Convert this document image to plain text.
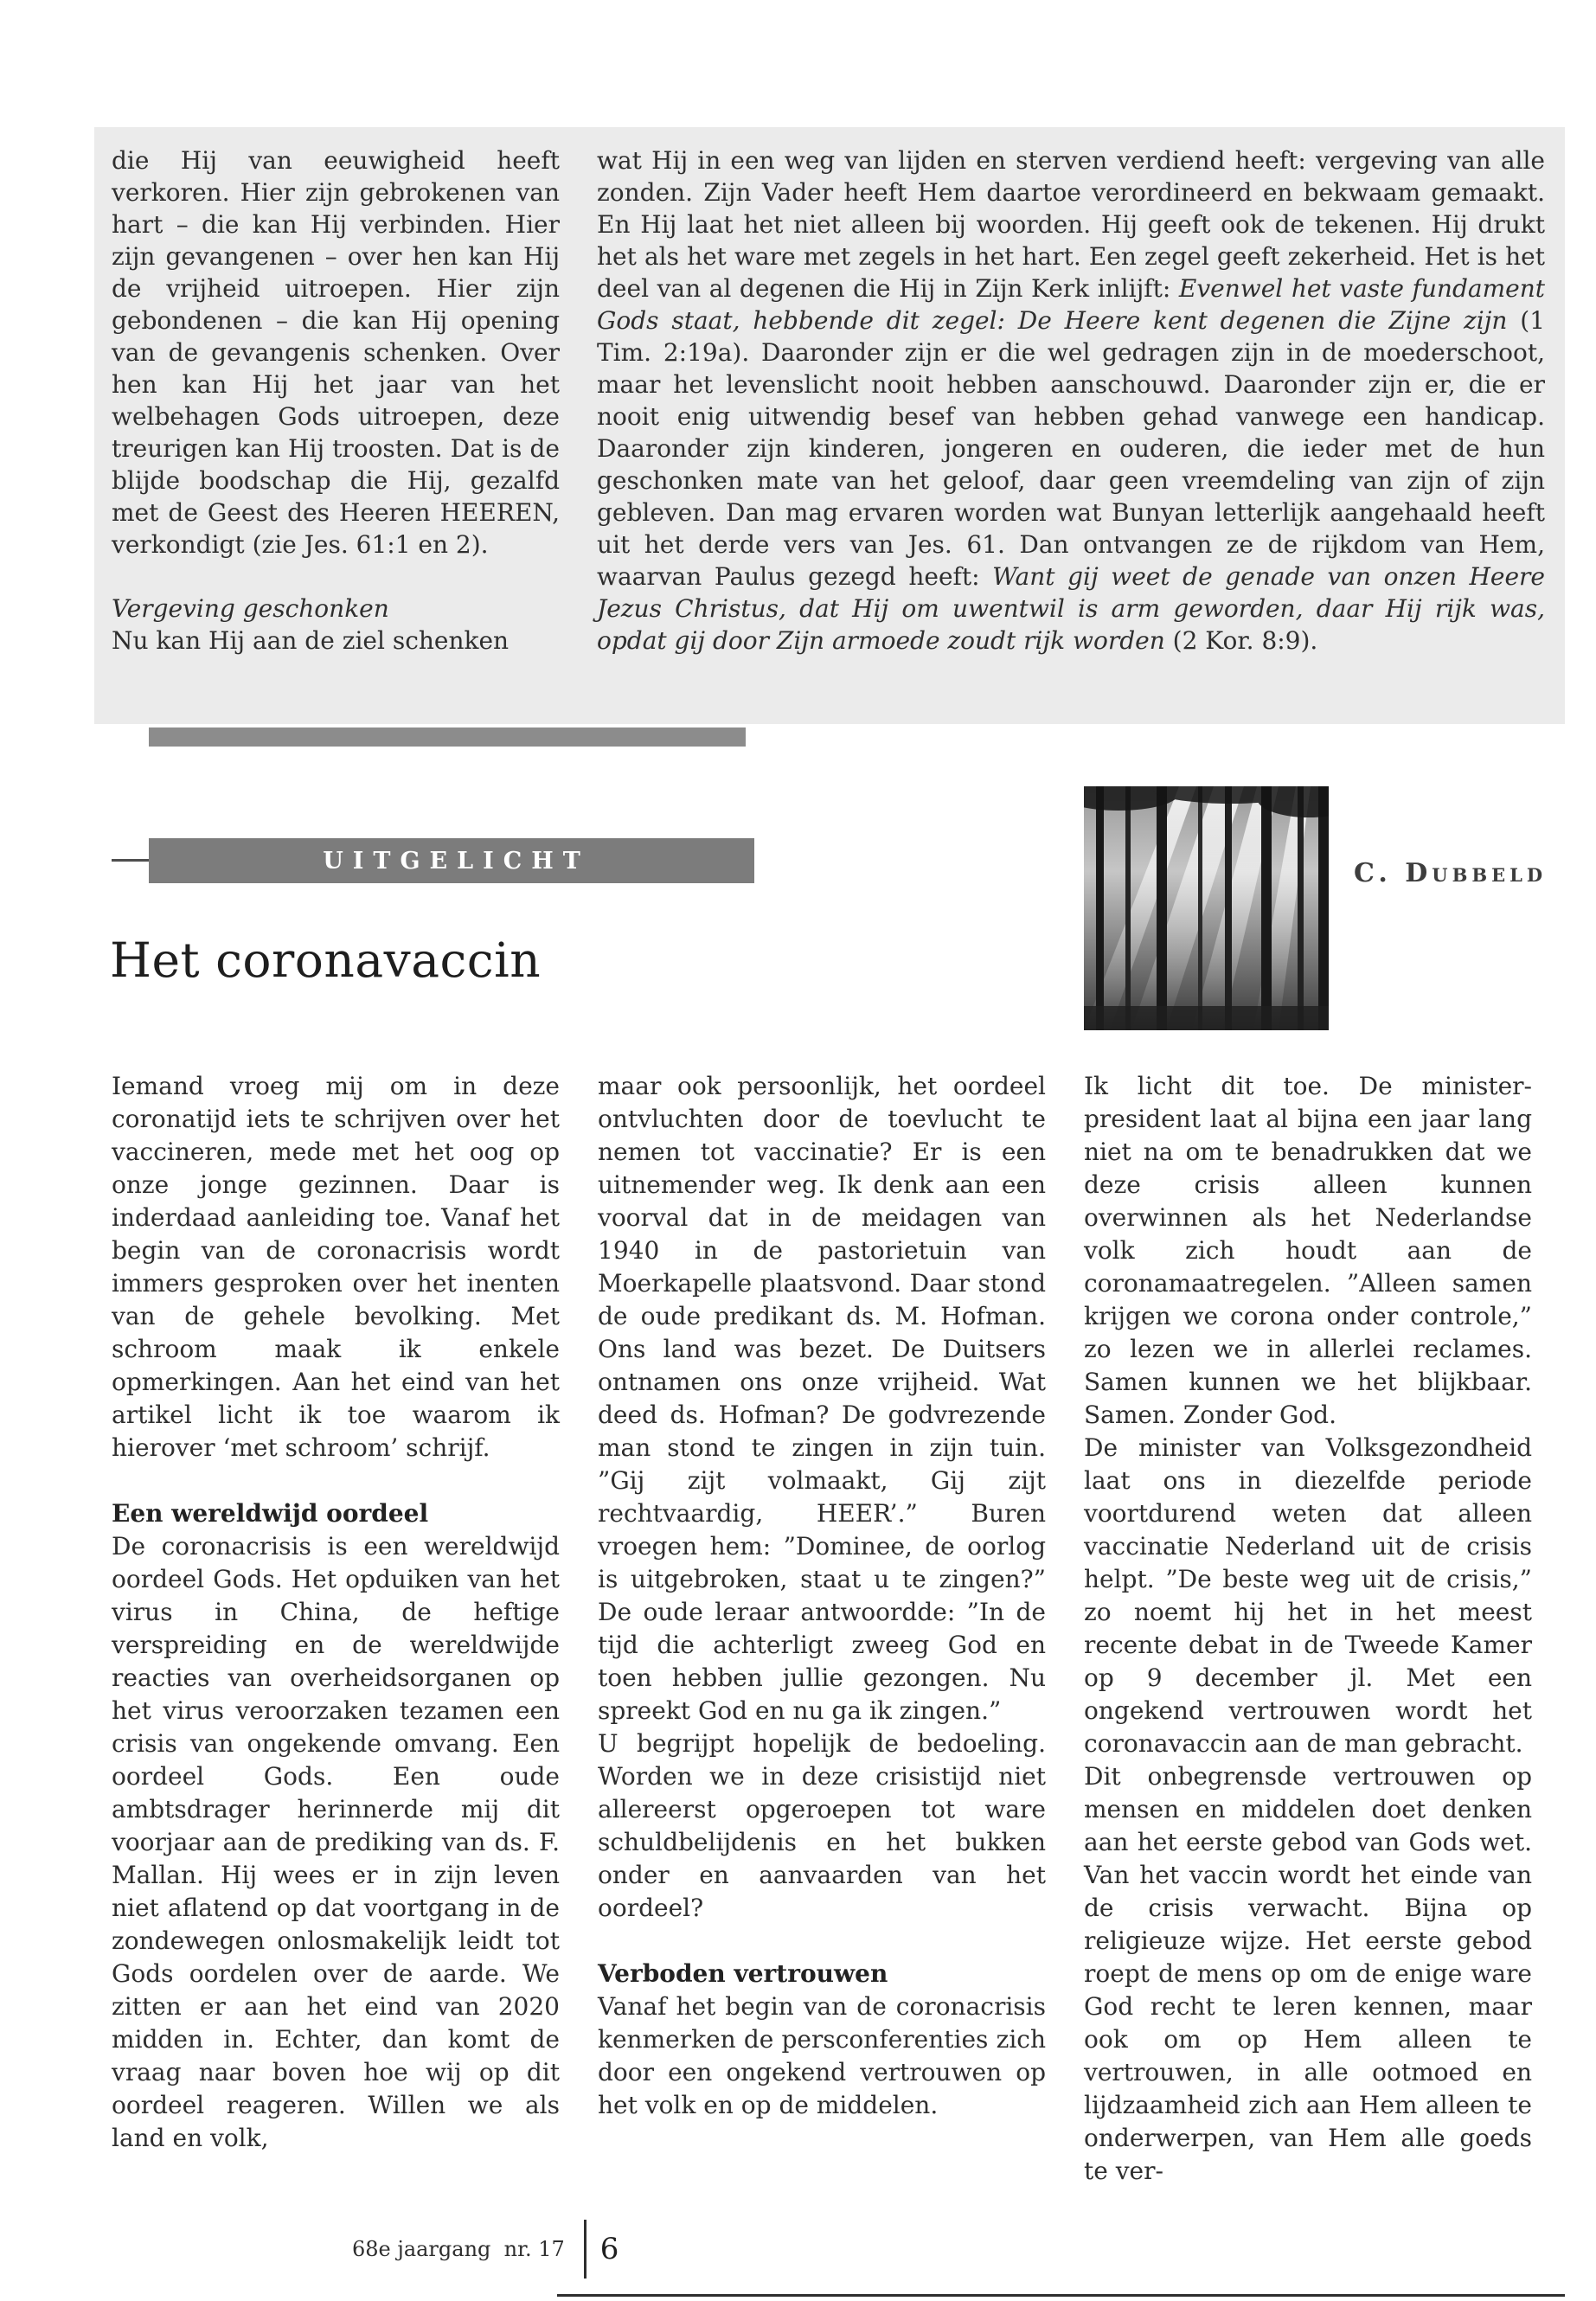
die Hij van eeuwigheid heeft verkoren. Hier zijn gebrokenen van hart – die kan Hij verbinden. Hier zijn gevangenen – over hen kan Hij de vrijheid uitroepen. Hier zijn gebondenen – die kan Hij opening van de gevangenis schenken. Over hen kan Hij het jaar van het welbehagen Gods uitroepen, deze treurigen kan Hij troosten. Dat is de blijde boodschap die Hij, gezalfd met de Geest des Heeren HEEREN, verkondigt (zie Jes. 61:1 en 2).

Vergeving geschonken

Nu kan Hij aan de ziel schenken

wat Hij in een weg van lijden en sterven verdiend heeft: vergeving van alle zonden. Zijn Vader heeft Hem daartoe verordineerd en bekwaam gemaakt. En Hij laat het niet alleen bij woorden. Hij geeft ook de tekenen. Hij drukt het als het ware met zegels in het hart. Een zegel geeft zekerheid. Het is het deel van al degenen die Hij in Zijn Kerk inlijft: Evenwel het vaste fundament Gods staat, hebbende dit zegel: De Heere kent degenen die Zijne zijn (1 Tim. 2:19a). Daaronder zijn er die wel gedragen zijn in de moederschoot, maar het levenslicht nooit hebben aanschouwd. Daaronder zijn er, die er nooit enig uitwendig besef van hebben gehad vanwege een handicap. Daaronder zijn kinderen, jongeren en ouderen, die ieder met de hun geschonken mate van het geloof, daar geen vreemdeling van zijn of zijn gebleven. Dan mag ervaren worden wat Bunyan letterlijk aangehaald heeft uit het derde vers van Jes. 61. Dan ontvangen ze de rijkdom van Hem, waarvan Paulus gezegd heeft: Want gij weet de genade van onzen Heere Jezus Christus, dat Hij om uwentwil is arm geworden, daar Hij rijk was, opdat gij door Zijn armoede zoudt rijk worden (2 Kor. 8:9).

UITGELICHT	C. Dubbeld
Het coronavaccin

Iemand vroeg mij om in deze coronatijd iets te schrijven over het vaccineren, mede met het oog op onze jonge gezinnen. Daar is inderdaad aanleiding toe. Vanaf het begin van de coronacrisis wordt immers gesproken over het inenten van de gehele bevolking. Met schroom maak ik enkele opmerkingen. Aan het eind van het artikel licht ik toe waarom ik hierover ‘met schroom’ schrijf.

Een wereldwijd oordeel

De coronacrisis is een wereldwijd oordeel Gods. Het opduiken van het virus in China, de heftige verspreiding en de wereldwijde reacties van overheidsorganen op het virus veroorzaken tezamen een crisis van ongekende omvang. Een oordeel Gods. Een oude ambtsdrager herinnerde mij dit voorjaar aan de prediking van ds. F. Mallan. Hij wees er in zijn leven niet aflatend op dat voortgang in de zondewegen onlosmakelijk leidt tot Gods oordelen over de aarde. We zitten er aan het eind van 2020 midden in. Echter, dan komt de vraag naar boven hoe wij op dit oordeel reageren. Willen we als land en volk,

maar ook persoonlijk, het oordeel ontvluchten door de toevlucht te nemen tot vaccinatie? Er is een uitnemender weg. Ik denk aan een voorval dat in de meidagen van 1940 in de pastorietuin van Moerkapelle plaatsvond. Daar stond de oude predikant ds. M. Hofman. Ons land was bezet. De Duitsers ontnamen ons onze vrijheid. Wat deed ds. Hofman? De godvrezende man stond te zingen in zijn tuin. ”Gij zijt volmaakt, Gij zijt rechtvaardig, HEER’.” Buren vroegen hem: ”Dominee, de oorlog is uitgebroken, staat u te zingen?” De oude leraar antwoordde: ”In de tijd die achterligt zweeg God en toen hebben jullie gezongen. Nu spreekt God en nu ga ik zingen.”

U begrijpt hopelijk de bedoeling. Worden we in deze crisistijd niet allereerst opgeroepen tot ware schuldbelijdenis en het bukken onder en aanvaarden van het oordeel?

Verboden vertrouwen

Vanaf het begin van de coronacrisis kenmerken de persconferenties zich door een ongekend vertrouwen op het volk en op de middelen.

Ik licht dit toe. De minister-president laat al bijna een jaar lang niet na om te benadrukken dat we deze crisis alleen kunnen overwinnen als het Nederlandse volk zich houdt aan de coronamaatregelen. ”Alleen samen krijgen we corona onder controle,” zo lezen we in allerlei reclames. Samen kunnen we het blijkbaar. Samen. Zonder God.

De minister van Volksgezondheid laat ons in diezelfde periode voortdurend weten dat alleen vaccinatie Nederland uit de crisis helpt. ”De beste weg uit de crisis,” zo noemt hij het in het meest recente debat in de Tweede Kamer op 9 december jl. Met een ongekend vertrouwen wordt het coronavaccin aan de man gebracht.

Dit onbegrensde vertrouwen op mensen en middelen doet denken aan het eerste gebod van Gods wet. Van het vaccin wordt het einde van de crisis verwacht. Bijna op religieuze wijze. Het eerste gebod roept de mens op om de enige ware God recht te leren kennen, maar ook om op Hem alleen te vertrouwen, in alle ootmoed en lijdzaamheid zich aan Hem alleen te onderwerpen, van Hem alle goeds te ver-

68e jaargang  nr. 17 6
